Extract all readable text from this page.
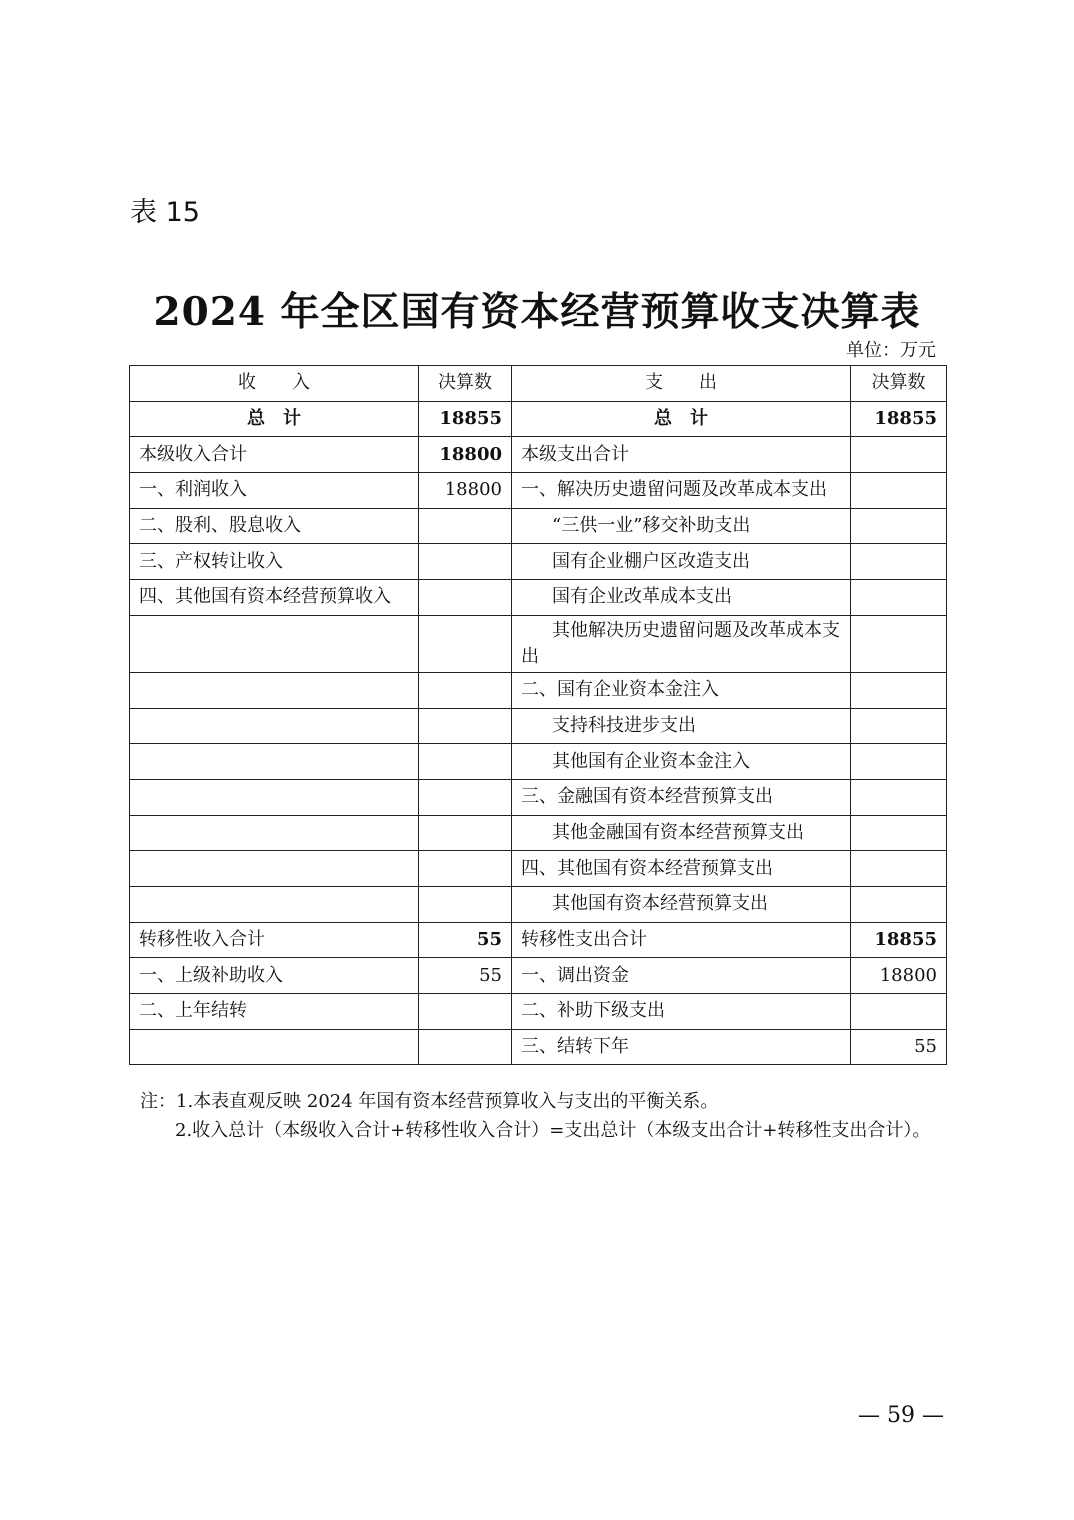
表 15
2024 年全区国有资本经营预算收支决算表
单位：万元
收　　入	决算数	支　　出	决算数
总　计	18855	总　计	18855
本级收入合计	18800	本级支出合计	
一、利润收入	18800	一、解决历史遗留问题及改革成本支出	
二、股利、股息收入		“三供一业”移交补助支出	
三、产权转让收入		国有企业棚户区改造支出	
四、其他国有资本经营预算收入		国有企业改革成本支出	
		其他解决历史遗留问题及改革成本支出	
		二、国有企业资本金注入	
		支持科技进步支出	
		其他国有企业资本金注入	
		三、金融国有资本经营预算支出	
		其他金融国有资本经营预算支出	
		四、其他国有资本经营预算支出	
		其他国有资本经营预算支出	
转移性收入合计	55	转移性支出合计	18855
一、上级补助收入	55	一、调出资金	18800
二、上年结转		二、补助下级支出	
		三、结转下年	55
注：1.本表直观反映 2024 年国有资本经营预算收入与支出的平衡关系。
2.收入总计（本级收入合计+转移性收入合计）=支出总计（本级支出合计+转移性支出合计）。
— 59 —
